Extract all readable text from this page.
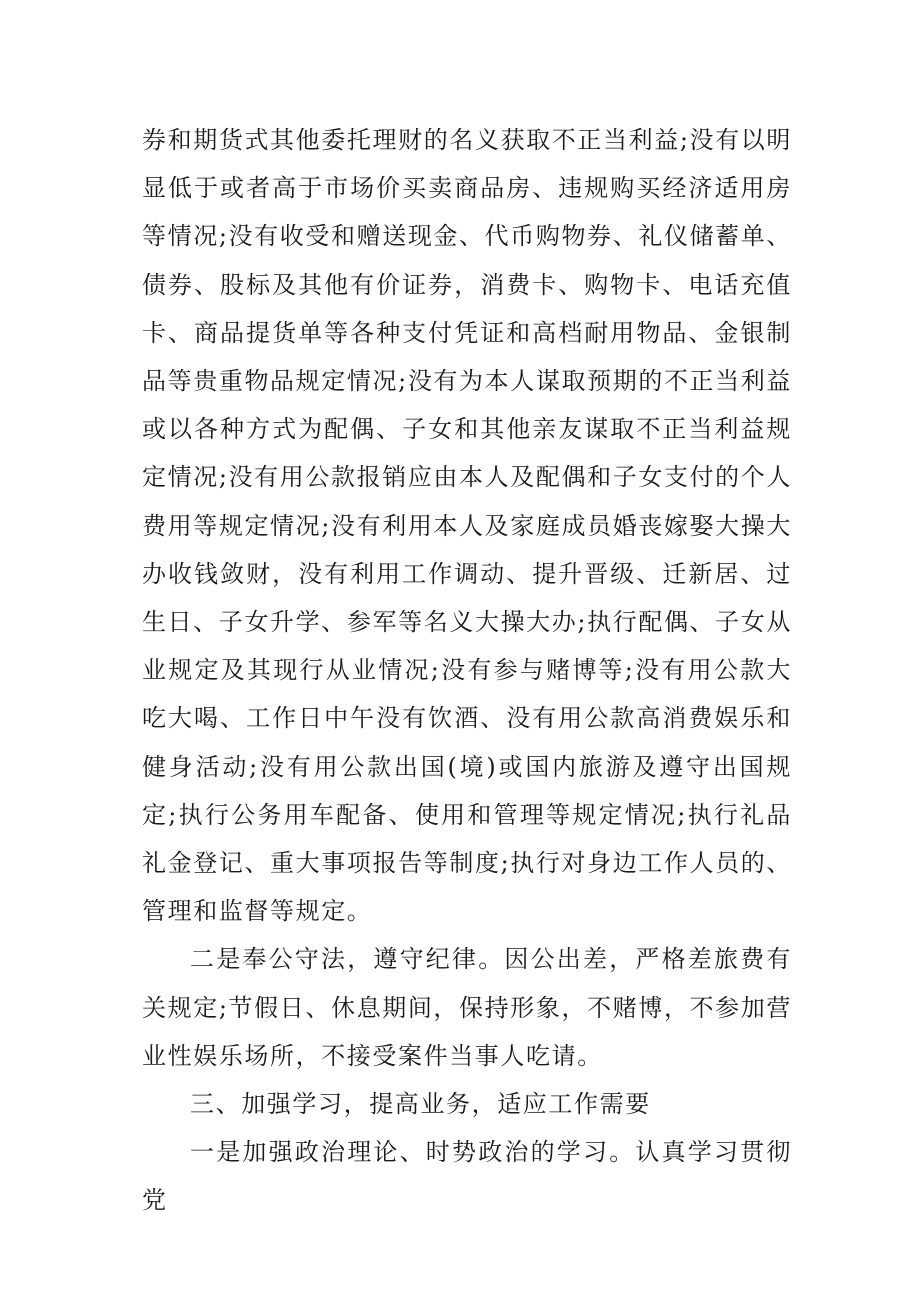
券和期货式其他委托理财的名义获取不正当利益;没有以明显低于或者高于市场价买卖商品房、违规购买经济适用房等情况;没有收受和赠送现金、代币购物券、礼仪储蓄单、债券、股标及其他有价证券，消费卡、购物卡、电话充值卡、商品提货单等各种支付凭证和高档耐用物品、金银制品等贵重物品规定情况;没有为本人谋取预期的不正当利益或以各种方式为配偶、子女和其他亲友谋取不正当利益规定情况;没有用公款报销应由本人及配偶和子女支付的个人费用等规定情况;没有利用本人及家庭成员婚丧嫁娶大操大办收钱敛财，没有利用工作调动、提升晋级、迁新居、过生日、子女升学、参军等名义大操大办;执行配偶、子女从业规定及其现行从业情况;没有参与赌博等;没有用公款大吃大喝、工作日中午没有饮酒、没有用公款高消费娱乐和健身活动;没有用公款出国(境)或国内旅游及遵守出国规定;执行公务用车配备、使用和管理等规定情况;执行礼品礼金登记、重大事项报告等制度;执行对身边工作人员的、管理和监督等规定。

二是奉公守法，遵守纪律。因公出差，严格差旅费有关规定;节假日、休息期间，保持形象，不赌博，不参加营业性娱乐场所，不接受案件当事人吃请。

三、加强学习，提高业务，适应工作需要

一是加强政治理论、时势政治的学习。认真学习贯彻党
